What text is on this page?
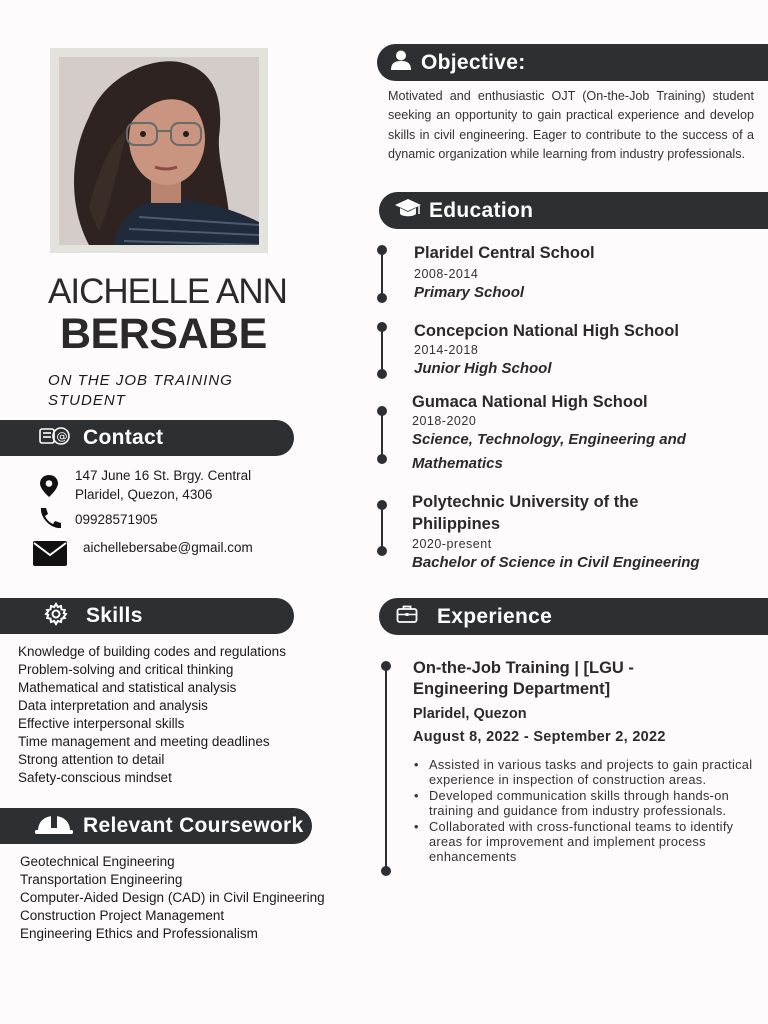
AICHELLE ANN
BERSABE
ON THE JOB TRAINING
STUDENT
@ Contact
147 June 16 St. Brgy. Central
Plaridel, Quezon, 4306
09928571905
aichellebersabe@gmail.com
Skills
Knowledge of building codes and regulations
Problem-solving and critical thinking
Mathematical and statistical analysis
Data interpretation and analysis
Effective interpersonal skills
Time management and meeting deadlines
Strong attention to detail
Safety-conscious mindset
Relevant Coursework
Geotechnical Engineering
Transportation Engineering
Computer-Aided Design (CAD) in Civil Engineering
Construction Project Management
Engineering Ethics and Professionalism
Objective:
Motivated and enthusiastic OJT (On-the-Job Training) student seeking an opportunity to gain practical experience and develop skills in civil engineering. Eager to contribute to the success of a dynamic organization while learning from industry professionals.
Education
Plaridel Central School
2008-2014
Primary School
Concepcion National High School
2014-2018
Junior High School
Gumaca National High School
2018-2020
Science, Technology, Engineering and
Mathematics
Polytechnic University of the
Philippines
2020-present
Bachelor of Science in Civil Engineering
Experience
On-the-Job Training | [LGU -
Engineering Department]
Plaridel, Quezon
August 8, 2022 - September 2, 2022
• Assisted in various tasks and projects to gain practical experience in inspection of construction areas.
• Developed communication skills through hands-on training and guidance from industry professionals.
• Collaborated with cross-functional teams to identify areas for improvement and implement process enhancements
